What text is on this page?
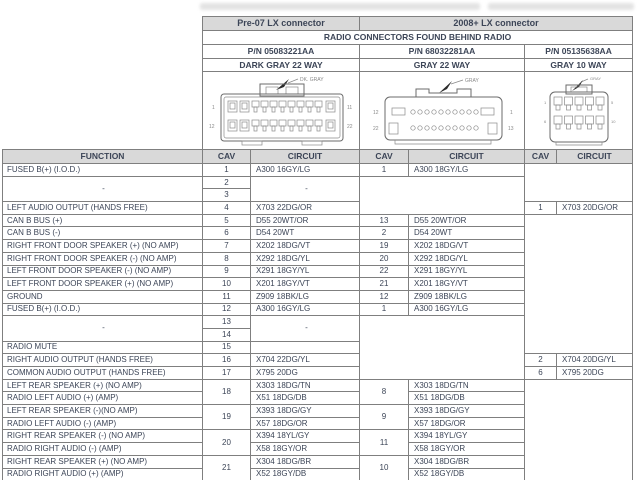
	Pre-07 LX connector		2008+ LX connector			
	RADIO CONNECTORS FOUND BEHIND RADIO					
	P/N 05083221AA		P/N 68032281AA		P/N 05135638AA	
	DARK GRAY 22 WAY		GRAY 22 WAY		GRAY 10 WAY	

DK. GRAY
1 11
12 22		GRAY
12 1
22 13		GRAY
1 5
6 10	

FUNCTION	CAV	CIRCUIT	CAV	CIRCUIT	CAV	CIRCUIT
FUSED B(+) (I.O.D.)	1	A300 16GY/LG	1	A300 18GY/LG		
-	2	-				
	3					
LEFT AUDIO OUTPUT (HANDS FREE)	4	X703 22DG/OR			1	X703 20DG/OR
CAN B BUS (+)	5	D55 20WT/OR	13	D55 20WT/OR		
CAN B BUS (-)	6	D54 20WT	2	D54 20WT		
RIGHT FRONT DOOR SPEAKER (+) (NO AMP)	7	X202 18DG/VT	19	X202 18DG/VT		
RIGHT FRONT DOOR SPEAKER (-) (NO AMP)	8	X292 18DG/YL	20	X292 18DG/YL		
LEFT FRONT DOOR SPEAKER (-) (NO AMP)	9	X291 18GY/YL	22	X291 18GY/YL		
LEFT FRONT DOOR SPEAKER (+) (NO AMP)	10	X201 18GY/VT	21	X201 18GY/VT		
GROUND	11	Z909 18BK/LG	12	Z909 18BK/LG		
FUSED B(+) (I.O.D.)	12	A300 16GY/LG	1	A300 16GY/LG		
-	13	-				
	14					
RADIO MUTE	15					
RIGHT AUDIO OUTPUT (HANDS FREE)	16	X704 22DG/YL			2	X704 20DG/YL
COMMON AUDIO OUTPUT (HANDS FREE)	17	X795 20DG			6	X795 20DG
LEFT REAR SPEAKER (+) (NO AMP)	18	X303 18DG/TN	8	X303 18DG/TN		
RADIO LEFT AUDIO (+) (AMP)		X51 18DG/DB		X51 18DG/DB		
LEFT REAR SPEAKER (-)(NO AMP)	19	X393 18DG/GY	9	X393 18DG/GY		
RADIO LEFT AUDIO (-) (AMP)		X57 18DG/OR		X57 18DG/OR		
RIGHT REAR SPEAKER (-) (NO AMP)	20	X394 18YL/GY	11	X394 18YL/GY		
RADIO RIGHT AUDIO (-) (AMP)		X58 18GY/OR		X58 18GY/OR		
RIGHT REAR SPEAKER (+) (NO AMP)	21	X304 18DG/BR	10	X304 18DG/BR		
RADIO RIGHT AUDIO (+) (AMP)		X52 18GY/DB		X52 18GY/DB		
